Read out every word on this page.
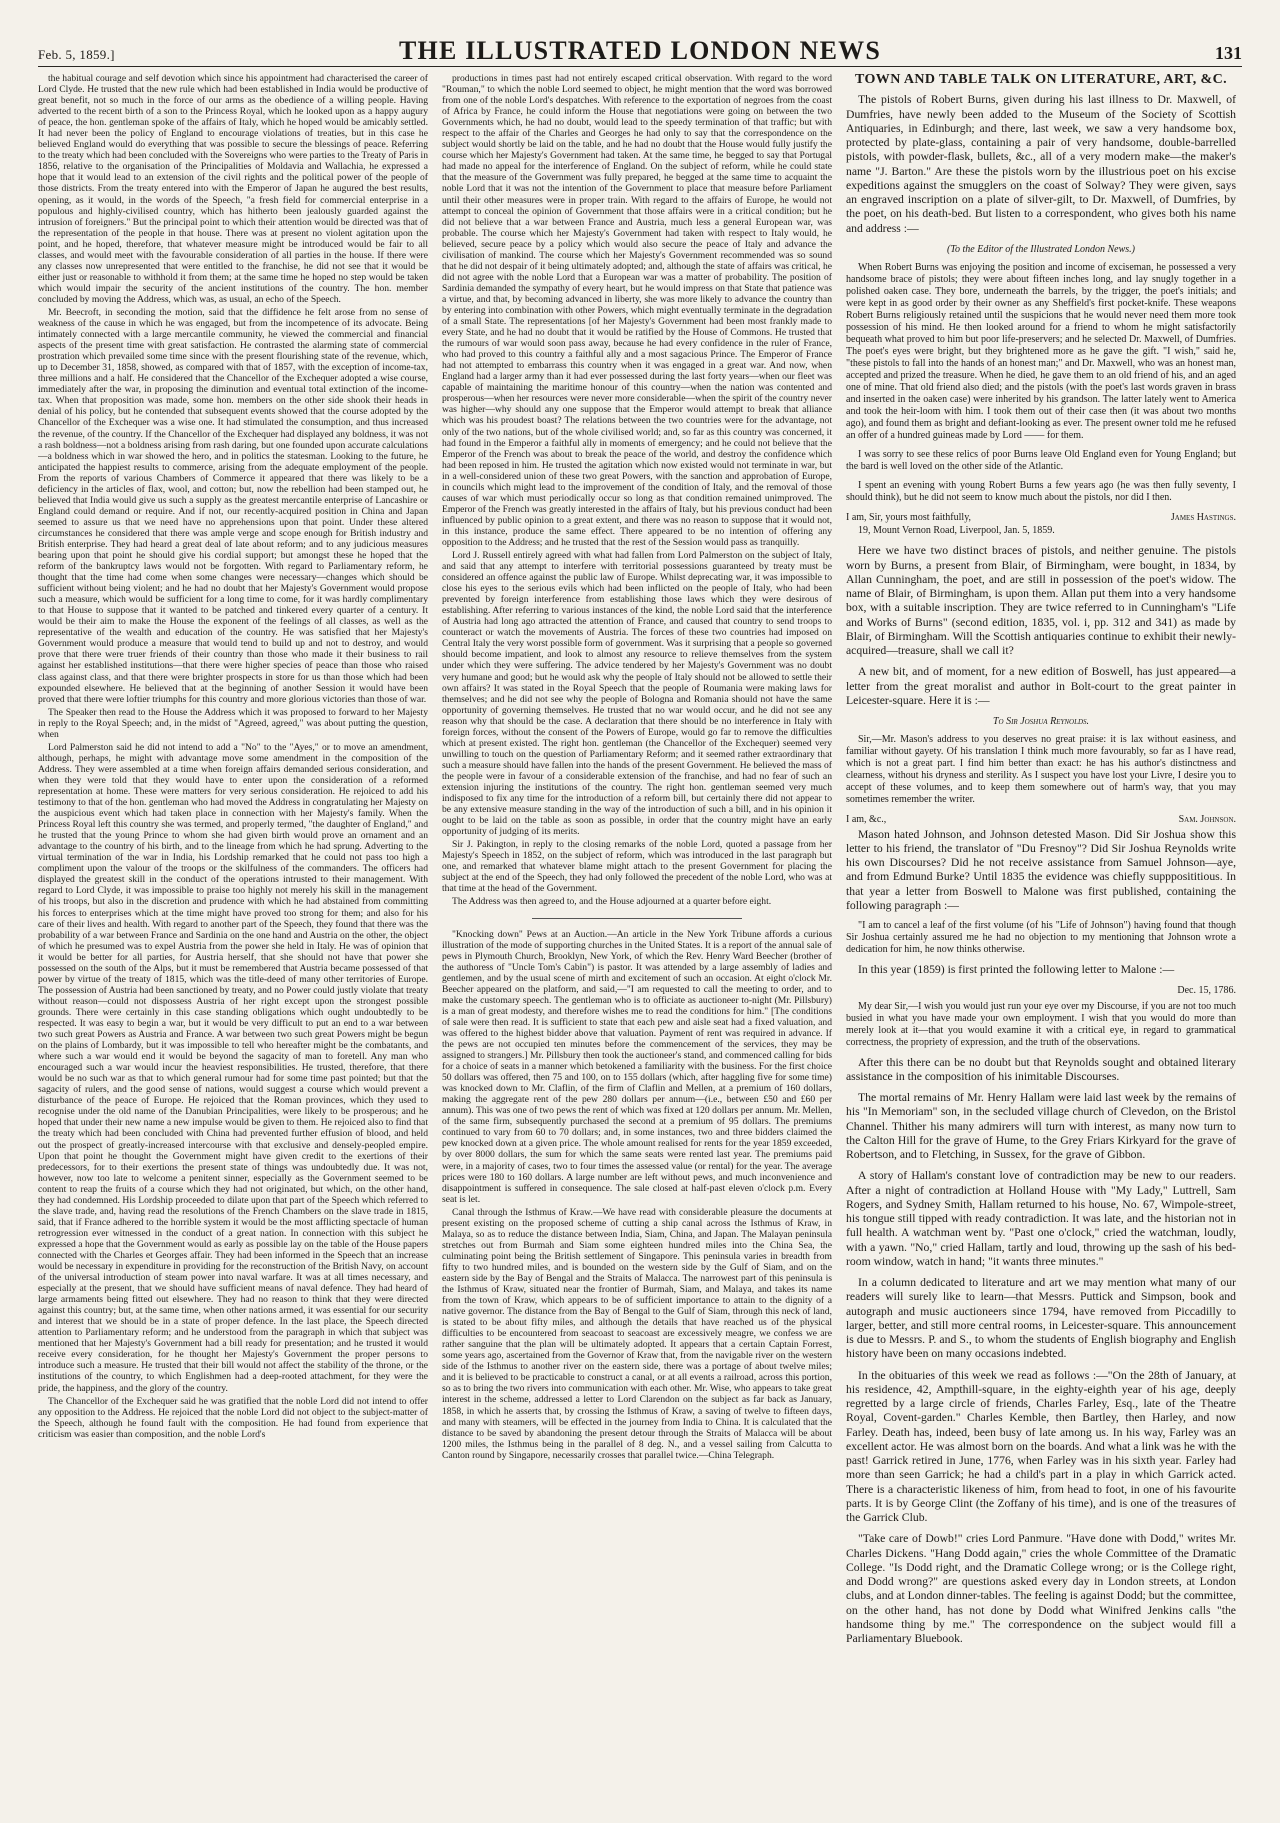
Feb. 5, 1859.]	THE ILLUSTRATED LONDON NEWS	131

the habitual courage and self devotion which since his appointment had characterised the career of Lord Clyde. He trusted that the new rule which had been established in India would be productive of great benefit, not so much in the force of our arms as the obedience of a willing people. Having adverted to the recent birth of a son to the Princess Royal, which he looked upon as a happy augury of peace, the hon. gentleman spoke of the affairs of Italy, which he hoped would be amicably settled. It had never been the policy of England to encourage violations of treaties, but in this case he believed England would do everything that was possible to secure the blessings of peace. Referring to the treaty which had been concluded with the Sovereigns who were parties to the Treaty of Paris in 1856, relative to the organisation of the Principalities of Moldavia and Wallachia, he expressed a hope that it would lead to an extension of the civil rights and the political power of the people of those districts. From the treaty entered into with the Emperor of Japan he augured the best results, opening, as it would, in the words of the Speech, "a fresh field for commercial enterprise in a populous and highly-civilised country, which has hitherto been jealously guarded against the intrusion of foreigners." But the principal point to which their attention would be directed was that of the representation of the people in that house. There was at present no violent agitation upon the point, and he hoped, therefore, that whatever measure might be introduced would be fair to all classes, and would meet with the favourable consideration of all parties in the house. If there were any classes now unrepresented that were entitled to the franchise, he did not see that it would be either just or reasonable to withhold it from them; at the same time he hoped no step would be taken which would impair the security of the ancient institutions of the country. The hon. member concluded by moving the Address, which was, as usual, an echo of the Speech.

Mr. Beecroft, in seconding the motion, said that the diffidence he felt arose from no sense of weakness of the cause in which he was engaged, but from the incompetence of its advocate. Being intimately connected with a large mercantile community, he viewed the commercial and financial aspects of the present time with great satisfaction. He contrasted the alarming state of commercial prostration which prevailed some time since with the present flourishing state of the revenue, which, up to December 31, 1858, showed, as compared with that of 1857, with the exception of income-tax, three millions and a half. He considered that the Chancellor of the Exchequer adopted a wise course, immediately after the war, in proposing the diminution and eventual total extinction of the income-tax. When that proposition was made, some hon. members on the other side shook their heads in denial of his policy, but he contended that subsequent events showed that the course adopted by the Chancellor of the Exchequer was a wise one. It had stimulated the consumption, and thus increased the revenue, of the country. If the Chancellor of the Exchequer had displayed any boldness, it was not a rash boldness—not a boldness arising from rash daring, but one founded upon accurate calculations—a boldness which in war showed the hero, and in politics the statesman. Looking to the future, he anticipated the happiest results to commerce, arising from the adequate employment of the people. From the reports of various Chambers of Commerce it appeared that there was likely to be a deficiency in the articles of flax, wool, and cotton; but, now the rebellion had been stamped out, he believed that India would give us such a supply as the greatest mercantile enterprise of Lancashire or England could demand or require. And if not, our recently-acquired position in China and Japan seemed to assure us that we need have no apprehensions upon that point. Under these altered circumstances he considered that there was ample verge and scope enough for British industry and British enterprise. They had heard a great deal of late about reform; and to any judicious measures bearing upon that point he should give his cordial support; but amongst these he hoped that the reform of the bankruptcy laws would not be forgotten. With regard to Parliamentary reform, he thought that the time had come when some changes were necessary—changes which should be sufficient without being violent; and he had no doubt that her Majesty's Government would propose such a measure, which would be sufficient for a long time to come, for it was hardly complimentary to that House to suppose that it wanted to be patched and tinkered every quarter of a century. It would be their aim to make the House the exponent of the feelings of all classes, as well as the representative of the wealth and education of the country. He was satisfied that her Majesty's Government would produce a measure that would tend to build up and not to destroy, and would prove that there were truer friends of their country than those who made it their business to rail against her established institutions—that there were higher species of peace than those who raised class against class, and that there were brighter prospects in store for us than those which had been expounded elsewhere. He believed that at the beginning of another Session it would have been proved that there were loftier triumphs for this country and more glorious victories than those of war.

The Speaker then read to the House the Address which it was proposed to forward to her Majesty in reply to the Royal Speech; and, in the midst of "Agreed, agreed," was about putting the question, when

Lord Palmerston said he did not intend to add a "No" to the "Ayes," or to move an amendment, although, perhaps, he might with advantage move some amendment in the composition of the Address. They were assembled at a time when foreign affairs demanded serious consideration, and when they were told that they would have to enter upon the consideration of a reformed representation at home. These were matters for very serious consideration. He rejoiced to add his testimony to that of the hon. gentleman who had moved the Address in congratulating her Majesty on the auspicious event which had taken place in connection with her Majesty's family. When the Princess Royal left this country she was termed, and properly termed, "the daughter of England," and he trusted that the young Prince to whom she had given birth would prove an ornament and an advantage to the country of his birth, and to the lineage from which he had sprung. Adverting to the virtual termination of the war in India, his Lordship remarked that he could not pass too high a compliment upon the valour of the troops or the skilfulness of the commanders. The officers had displayed the greatest skill in the conduct of the operations intrusted to their management. With regard to Lord Clyde, it was impossible to praise too highly not merely his skill in the management of his troops, but also in the discretion and prudence with which he had abstained from committing his forces to enterprises which at the time might have proved too strong for them; and also for his care of their lives and health. With regard to another part of the Speech, they found that there was the probability of a war between France and Sardinia on the one hand and Austria on the other, the object of which he presumed was to expel Austria from the power she held in Italy. He was of opinion that it would be better for all parties, for Austria herself, that she should not have that power she possessed on the south of the Alps, but it must be remembered that Austria became possessed of that power by virtue of the treaty of 1815, which was the title-deed of many other territories of Europe. The possession of Austria had been sanctioned by treaty, and no Power could justly violate that treaty without reason—could not dispossess Austria of her right except upon the strongest possible grounds. There were certainly in this case standing obligations which ought undoubtedly to be respected. It was easy to begin a war, but it would be very difficult to put an end to a war between two such great Powers as Austria and France. A war between two such great Powers might be begun on the plains of Lombardy, but it was impossible to tell who hereafter might be the combatants, and where such a war would end it would be beyond the sagacity of man to foretell. Any man who encouraged such a war would incur the heaviest responsibilities. He trusted, therefore, that there would be no such war as that to which general rumour had for some time past pointed; but that the sagacity of rulers, and the good sense of nations, would suggest a course which would prevent a disturbance of the peace of Europe. He rejoiced that the Roman provinces, which they used to recognise under the old name of the Danubian Principalities, were likely to be prosperous; and he hoped that under their new name a new impulse would be given to them. He rejoiced also to find that the treaty which had been concluded with China had prevented further effusion of blood, and held out the prospect of greatly-increased intercourse with that exclusive and densely-peopled empire. Upon that point he thought the Government might have given credit to the exertions of their predecessors, for to their exertions the present state of things was undoubtedly due. It was not, however, now too late to welcome a penitent sinner, especially as the Government seemed to be content to reap the fruits of a course which they had not originated, but which, on the other hand, they had condemned. His Lordship proceeded to dilate upon that part of the Speech which referred to the slave trade, and, having read the resolutions of the French Chambers on the slave trade in 1815, said, that if France adhered to the horrible system it would be the most afflicting spectacle of human retrogression ever witnessed in the conduct of a great nation. In connection with this subject he expressed a hope that the Government would as early as possible lay on the table of the House papers connected with the Charles et Georges affair. They had been informed in the Speech that an increase would be necessary in expenditure in providing for the reconstruction of the British Navy, on account of the universal introduction of steam power into naval warfare. It was at all times necessary, and especially at the present, that we should have sufficient means of naval defence. They had heard of large armaments being fitted out elsewhere. They had no reason to think that they were directed against this country; but, at the same time, when other nations armed, it was essential for our security and interest that we should be in a state of proper defence. In the last place, the Speech directed attention to Parliamentary reform; and he understood from the paragraph in which that subject was mentioned that her Majesty's Government had a bill ready for presentation; and he trusted it would receive every consideration, for he thought her Majesty's Government the proper persons to introduce such a measure. He trusted that their bill would not affect the stability of the throne, or the institutions of the country, to which Englishmen had a deep-rooted attachment, for they were the pride, the happiness, and the glory of the country.

The Chancellor of the Exchequer said he was gratified that the noble Lord did not intend to offer any opposition to the Address. He rejoiced that the noble Lord did not object to the subject-matter of the Speech, although he found fault with the composition. He had found from experience that criticism was easier than composition, and the noble Lord's

productions in times past had not entirely escaped critical observation. With regard to the word "Rouman," to which the noble Lord seemed to object, he might mention that the word was borrowed from one of the noble Lord's despatches. With reference to the exportation of negroes from the coast of Africa by France, he could inform the House that negotiations were going on between the two Governments which, he had no doubt, would lead to the speedy termination of that traffic; but with respect to the affair of the Charles and Georges he had only to say that the correspondence on the subject would shortly be laid on the table, and he had no doubt that the House would fully justify the course which her Majesty's Government had taken. At the same time, he begged to say that Portugal had made no appeal for the interference of England. On the subject of reform, while he could state that the measure of the Government was fully prepared, he begged at the same time to acquaint the noble Lord that it was not the intention of the Government to place that measure before Parliament until their other measures were in proper train. With regard to the affairs of Europe, he would not attempt to conceal the opinion of Government that those affairs were in a critical condition; but he did not believe that a war between France and Austria, much less a general European war, was probable. The course which her Majesty's Government had taken with respect to Italy would, he believed, secure peace by a policy which would also secure the peace of Italy and advance the civilisation of mankind. The course which her Majesty's Government recommended was so sound that he did not despair of it being ultimately adopted; and, although the state of affairs was critical, he did not agree with the noble Lord that a European war was a matter of probability. The position of Sardinia demanded the sympathy of every heart, but he would impress on that State that patience was a virtue, and that, by becoming advanced in liberty, she was more likely to advance the country than by entering into combination with other Powers, which might eventually terminate in the degradation of a small State. The representations [of her Majesty's Government had been most frankly made to every State, and he had no doubt that it would be ratified by the House of Commons. He trusted that the rumours of war would soon pass away, because he had every confidence in the ruler of France, who had proved to this country a faithful ally and a most sagacious Prince. The Emperor of France had not attempted to embarrass this country when it was engaged in a great war. And now, when England had a larger army than it had ever possessed during the last forty years—when our fleet was capable of maintaining the maritime honour of this country—when the nation was contented and prosperous—when her resources were never more considerable—when the spirit of the country never was higher—why should any one suppose that the Emperor would attempt to break that alliance which was his proudest boast? The relations between the two countries were for the advantage, not only of the two nations, but of the whole civilised world; and, so far as this country was concerned, it had found in the Emperor a faithful ally in moments of emergency; and he could not believe that the Emperor of the French was about to break the peace of the world, and destroy the confidence which had been reposed in him. He trusted the agitation which now existed would not terminate in war, but in a well-considered union of these two great Powers, with the sanction and approbation of Europe, in councils which might lead to the improvement of the condition of Italy, and the removal of those causes of war which must periodically occur so long as that condition remained unimproved. The Emperor of the French was greatly interested in the affairs of Italy, but his previous conduct had been influenced by public opinion to a great extent, and there was no reason to suppose that it would not, in this instance, produce the same effect. There appeared to be no intention of offering any opposition to the Address; and he trusted that the rest of the Session would pass as tranquilly.

Lord J. Russell entirely agreed with what had fallen from Lord Palmerston on the subject of Italy, and said that any attempt to interfere with territorial possessions guaranteed by treaty must be considered an offence against the public law of Europe. Whilst deprecating war, it was impossible to close his eyes to the serious evils which had been inflicted on the people of Italy, who had been prevented by foreign interference from establishing those laws which they were desirous of establishing. After referring to various instances of the kind, the noble Lord said that the interference of Austria had long ago attracted the attention of France, and caused that country to send troops to counteract or watch the movements of Austria. The forces of these two countries had imposed on Central Italy the very worst possible form of government. Was it surprising that a people so governed should become impatient, and look to almost any resource to relieve themselves from the system under which they were suffering. The advice tendered by her Majesty's Government was no doubt very humane and good; but he would ask why the people of Italy should not be allowed to settle their own affairs? It was stated in the Royal Speech that the people of Roumania were making laws for themselves; and he did not see why the people of Bologna and Romania should not have the same opportunity of governing themselves. He trusted that no war would occur, and he did not see any reason why that should be the case. A declaration that there should be no interference in Italy with foreign forces, without the consent of the Powers of Europe, would go far to remove the difficulties which at present existed. The right hon. gentleman (the Chancellor of the Exchequer) seemed very unwilling to touch on the question of Parliamentary Reform; and it seemed rather extraordinary that such a measure should have fallen into the hands of the present Government. He believed the mass of the people were in favour of a considerable extension of the franchise, and had no fear of such an extension injuring the institutions of the country. The right hon. gentleman seemed very much indisposed to fix any time for the introduction of a reform bill, but certainly there did not appear to be any extensive measure standing in the way of the introduction of such a bill, and in his opinion it ought to be laid on the table as soon as possible, in order that the country might have an early opportunity of judging of its merits.

Sir J. Pakington, in reply to the closing remarks of the noble Lord, quoted a passage from her Majesty's Speech in 1852, on the subject of reform, which was introduced in the last paragraph but one, and remarked that whatever blame might attach to the present Government for placing the subject at the end of the Speech, they had only followed the precedent of the noble Lord, who was at that time at the head of the Government.

The Address was then agreed to, and the House adjourned at a quarter before eight.

"Knocking down" Pews at an Auction.—An article in the New York Tribune affords a curious illustration of the mode of supporting churches in the United States. It is a report of the annual sale of pews in Plymouth Church, Brooklyn, New York, of which the Rev. Henry Ward Beecher (brother of the authoress of "Uncle Tom's Cabin") is pastor. It was attended by a large assembly of ladies and gentlemen, and by the usual scene of mirth and excitement of such an occasion. At eight o'clock Mr. Beecher appeared on the platform, and said,—"I am requested to call the meeting to order, and to make the customary speech. The gentleman who is to officiate as auctioneer to-night (Mr. Pillsbury) is a man of great modesty, and therefore wishes me to read the conditions for him." [The conditions of sale were then read. It is sufficient to state that each pew and aisle seat had a fixed valuation, and was offered to the highest bidder above that valuation. Payment of rent was required in advance. If the pews are not occupied ten minutes before the commencement of the services, they may be assigned to strangers.] Mr. Pillsbury then took the auctioneer's stand, and commenced calling for bids for a choice of seats in a manner which betokened a familiarity with the business. For the first choice 50 dollars was offered, then 75 and 100, on to 155 dollars (which, after haggling five for some time) was knocked down to Mr. Claflin, of the firm of Claflin and Mellen, at a premium of 160 dollars, making the aggregate rent of the pew 280 dollars per annum—(i.e., between £50 and £60 per annum). This was one of two pews the rent of which was fixed at 120 dollars per annum. Mr. Mellen, of the same firm, subsequently purchased the second at a premium of 95 dollars. The premiums continued to vary from 60 to 70 dollars; and, in some instances, two and three bidders claimed the pew knocked down at a given price. The whole amount realised for rents for the year 1859 exceeded, by over 8000 dollars, the sum for which the same seats were rented last year. The premiums paid were, in a majority of cases, two to four times the assessed value (or rental) for the year. The average prices were 180 to 160 dollars. A large number are left without pews, and much inconvenience and disappointment is suffered in consequence. The sale closed at half-past eleven o'clock p.m. Every seat is let.

Canal through the Isthmus of Kraw.—We have read with considerable pleasure the documents at present existing on the proposed scheme of cutting a ship canal across the Isthmus of Kraw, in Malaya, so as to reduce the distance between India, Siam, China, and Japan. The Malayan peninsula stretches out from Burmah and Siam some eighteen hundred miles into the China Sea, the culminating point being the British settlement of Singapore. This peninsula varies in breadth from fifty to two hundred miles, and is bounded on the western side by the Gulf of Siam, and on the eastern side by the Bay of Bengal and the Straits of Malacca. The narrowest part of this peninsula is the Isthmus of Kraw, situated near the frontier of Burmah, Siam, and Malaya, and takes its name from the town of Kraw, which appears to be of sufficient importance to attain to the dignity of a native governor. The distance from the Bay of Bengal to the Gulf of Siam, through this neck of land, is stated to be about fifty miles, and although the details that have reached us of the physical difficulties to be encountered from seacoast to seacoast are excessively meagre, we confess we are rather sanguine that the plan will be ultimately adopted. It appears that a certain Captain Forrest, some years ago, ascertained from the Governor of Kraw that, from the navigable river on the western side of the Isthmus to another river on the eastern side, there was a portage of about twelve miles; and it is believed to be practicable to construct a canal, or at all events a railroad, across this portion, so as to bring the two rivers into communication with each other. Mr. Wise, who appears to take great interest in the scheme, addressed a letter to Lord Clarendon on the subject as far back as January, 1858, in which he asserts that, by crossing the Isthmus of Kraw, a saving of twelve to fifteen days, and many with steamers, will be effected in the journey from India to China. It is calculated that the distance to be saved by abandoning the present detour through the Straits of Malacca will be about 1200 miles, the Isthmus being in the parallel of 8 deg. N., and a vessel sailing from Calcutta to Canton round by Singapore, necessarily crosses that parallel twice.—China Telegraph.

TOWN AND TABLE TALK ON LITERATURE, ART, &C.

The pistols of Robert Burns, given during his last illness to Dr. Maxwell, of Dumfries, have newly been added to the Museum of the Society of Scottish Antiquaries, in Edinburgh; and there, last week, we saw a very handsome box, protected by plate-glass, containing a pair of very handsome, double-barrelled pistols, with powder-flask, bullets, &c., all of a very modern make—the maker's name "J. Barton." Are these the pistols worn by the illustrious poet on his excise expeditions against the smugglers on the coast of Solway? They were given, says an engraved inscription on a plate of silver-gilt, to Dr. Maxwell, of Dumfries, by the poet, on his death-bed. But listen to a correspondent, who gives both his name and address :—

(To the Editor of the Illustrated London News.)

When Robert Burns was enjoying the position and income of exciseman, he possessed a very handsome brace of pistols; they were about fifteen inches long, and lay snugly together in a polished oaken case. They bore, underneath the barrels, by the trigger, the poet's initials; and were kept in as good order by their owner as any Sheffield's first pocket-knife. These weapons Robert Burns religiously retained until the suspicions that he would never need them more took possession of his mind. He then looked around for a friend to whom he might satisfactorily bequeath what proved to him but poor life-preservers; and he selected Dr. Maxwell, of Dumfries. The poet's eyes were bright, but they brightened more as he gave the gift. "I wish," said he, "these pistols to fall into the hands of an honest man;" and Dr. Maxwell, who was an honest man, accepted and prized the treasure. When he died, he gave them to an old friend of his, and an aged one of mine. That old friend also died; and the pistols (with the poet's last words graven in brass and inserted in the oaken case) were inherited by his grandson. The latter lately went to America and took the heir-loom with him. I took them out of their case then (it was about two months ago), and found them as bright and defiant-looking as ever. The present owner told me he refused an offer of a hundred guineas made by Lord —— for them.

I was sorry to see these relics of poor Burns leave Old England even for Young England; but the bard is well loved on the other side of the Atlantic.

I spent an evening with young Robert Burns a few years ago (he was then fully seventy, I should think), but he did not seem to know much about the pistols, nor did I then.

I am, Sir, yours most faithfully,	James Hastings.

19, Mount Vernon Road, Liverpool, Jan. 5, 1859.

Here we have two distinct braces of pistols, and neither genuine. The pistols worn by Burns, a present from Blair, of Birmingham, were bought, in 1834, by Allan Cunningham, the poet, and are still in possession of the poet's widow. The name of Blair, of Birmingham, is upon them. Allan put them into a very handsome box, with a suitable inscription. They are twice referred to in Cunningham's "Life and Works of Burns" (second edition, 1835, vol. i, pp. 312 and 341) as made by Blair, of Birmingham. Will the Scottish antiquaries continue to exhibit their newly-acquired—treasure, shall we call it?

A new bit, and of moment, for a new edition of Boswell, has just appeared—a letter from the great moralist and author in Bolt-court to the great painter in Leicester-square. Here it is :—

To Sir Joshua Reynolds.

Sir,—Mr. Mason's address to you deserves no great praise: it is lax without easiness, and familiar without gayety. Of his translation I think much more favourably, so far as I have read, which is not a great part. I find him better than exact: he has his author's distinctness and clearness, without his dryness and sterility. As I suspect you have lost your Livre, I desire you to accept of these volumes, and to keep them somewhere out of harm's way, that you may sometimes remember the writer.

I am, &c.,	Sam. Johnson.

Mason hated Johnson, and Johnson detested Mason. Did Sir Joshua show this letter to his friend, the translator of "Du Fresnoy"? Did Sir Joshua Reynolds write his own Discourses? Did he not receive assistance from Samuel Johnson—aye, and from Edmund Burke? Until 1835 the evidence was chiefly suppposititious. In that year a letter from Boswell to Malone was first published, containing the following paragraph :—

"I am to cancel a leaf of the first volume (of his "Life of Johnson") having found that though Sir Joshua certainly assured me he had no objection to my mentioning that Johnson wrote a dedication for him, he now thinks otherwise.

In this year (1859) is first printed the following letter to Malone :—

Dec. 15, 1786.

My dear Sir,—I wish you would just run your eye over my Discourse, if you are not too much busied in what you have made your own employment. I wish that you would do more than merely look at it—that you would examine it with a critical eye, in regard to grammatical correctness, the propriety of expression, and the truth of the observations.

After this there can be no doubt but that Reynolds sought and obtained literary assistance in the composition of his inimitable Discourses.

The mortal remains of Mr. Henry Hallam were laid last week by the remains of his "In Memoriam" son, in the secluded village church of Clevedon, on the Bristol Channel. Thither his many admirers will turn with interest, as many now turn to the Calton Hill for the grave of Hume, to the Grey Friars Kirkyard for the grave of Robertson, and to Fletching, in Sussex, for the grave of Gibbon.

A story of Hallam's constant love of contradiction may be new to our readers. After a night of contradiction at Holland House with "My Lady," Luttrell, Sam Rogers, and Sydney Smith, Hallam returned to his house, No. 67, Wimpole-street, his tongue still tipped with ready contradiction. It was late, and the historian not in full health. A watchman went by. "Past one o'clock," cried the watchman, loudly, with a yawn. "No," cried Hallam, tartly and loud, throwing up the sash of his bed-room window, watch in hand; "it wants three minutes."

In a column dedicated to literature and art we may mention what many of our readers will surely like to learn—that Messrs. Puttick and Simpson, book and autograph and music auctioneers since 1794, have removed from Piccadilly to larger, better, and still more central rooms, in Leicester-square. This announcement is due to Messrs. P. and S., to whom the students of English biography and English history have been on many occasions indebted.

In the obituaries of this week we read as follows :—"On the 28th of January, at his residence, 42, Ampthill-square, in the eighty-eighth year of his age, deeply regretted by a large circle of friends, Charles Farley, Esq., late of the Theatre Royal, Covent-garden." Charles Kemble, then Bartley, then Harley, and now Farley. Death has, indeed, been busy of late among us. In his way, Farley was an excellent actor. He was almost born on the boards. And what a link was he with the past! Garrick retired in June, 1776, when Farley was in his sixth year. Farley had more than seen Garrick; he had a child's part in a play in which Garrick acted. There is a characteristic likeness of him, from head to foot, in one of his favourite parts. It is by George Clint (the Zoffany of his time), and is one of the treasures of the Garrick Club.

"Take care of Dowb!" cries Lord Panmure. "Have done with Dodd," writes Mr. Charles Dickens. "Hang Dodd again," cries the whole Committee of the Dramatic College. "Is Dodd right, and the Dramatic College wrong; or is the College right, and Dodd wrong?" are questions asked every day in London streets, at London clubs, and at London dinner-tables. The feeling is against Dodd; but the committee, on the other hand, has not done by Dodd what Winifred Jenkins calls "the handsome thing by me." The correspondence on the subject would fill a Parliamentary Bluebook.
